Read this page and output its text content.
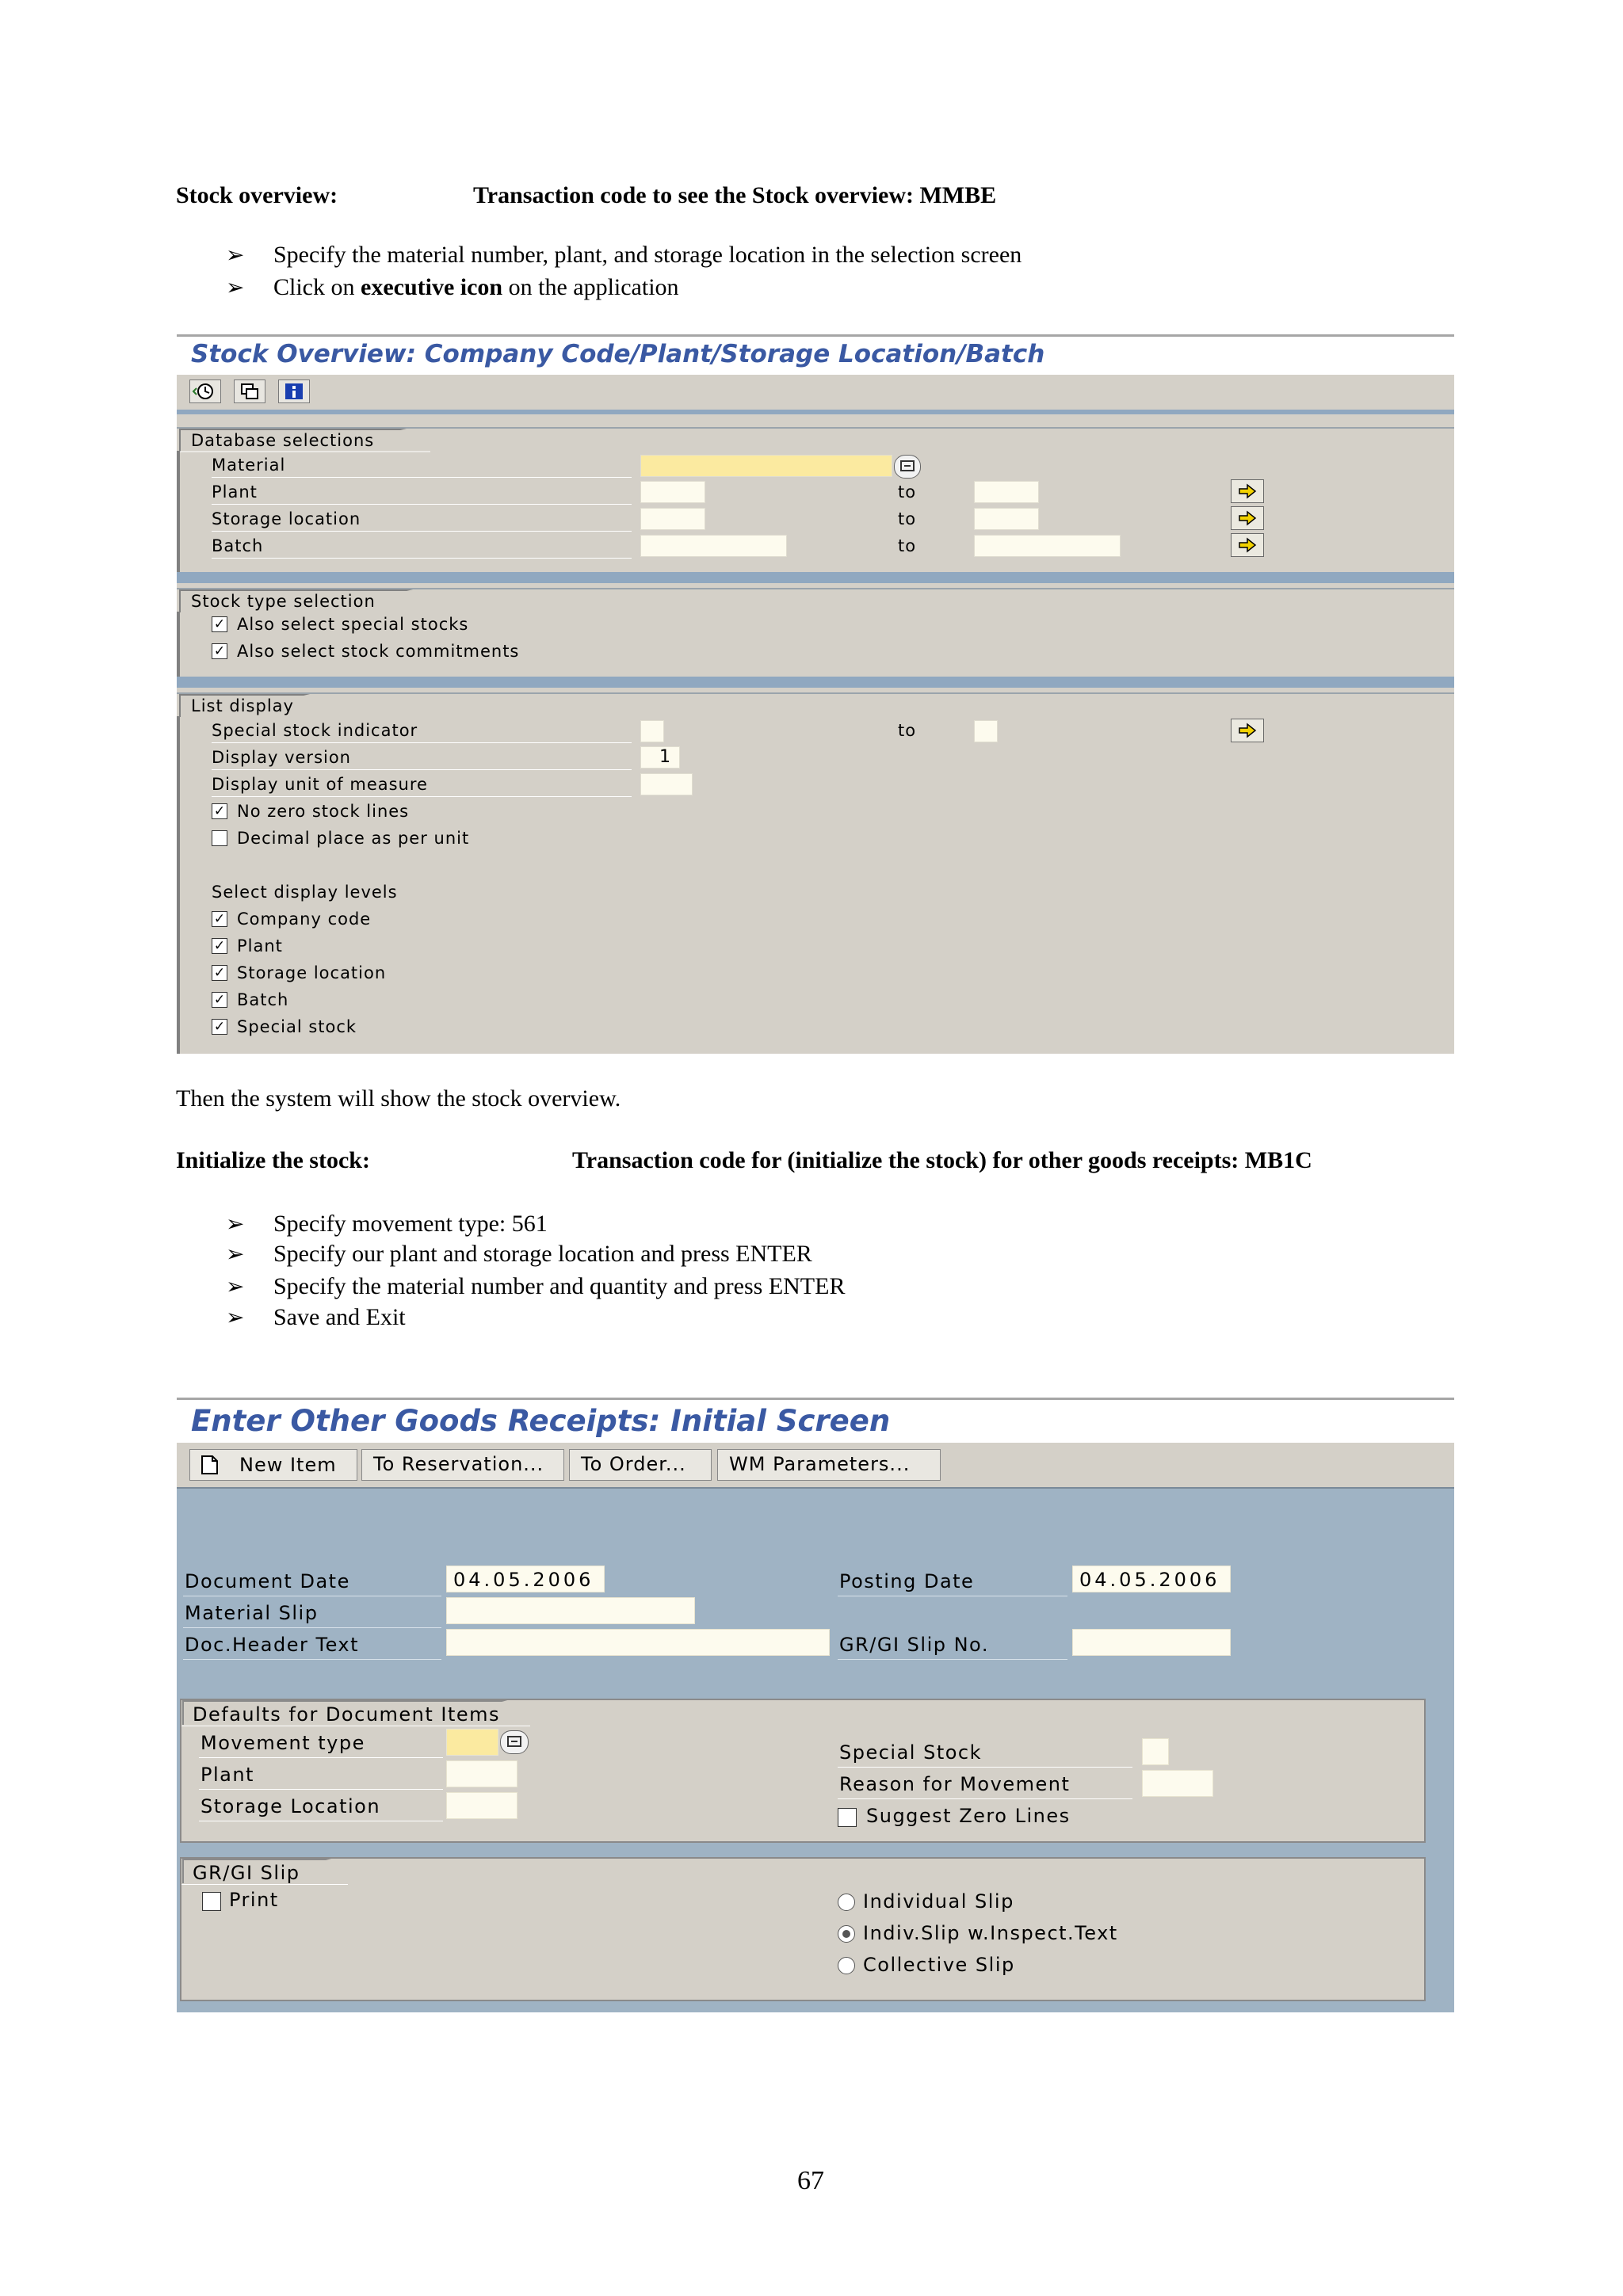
Stock overview:	Transaction code to see the Stock overview: MMBE
➢ Specify the material number, plant, and storage location in the selection screen
➢ Click on executive icon on the application
Stock Overview: Company Code/Plant/Storage Location/Batch
Database selections
Material
Plant	to
Storage location	to
Batch	to
Stock type selection
✓ Also select special stocks
✓ Also select stock commitments
List display
Special stock indicator	to
Display version	1
Display unit of measure
✓ No zero stock lines
Decimal place as per unit
Select display levels
✓ Company code
✓ Plant
✓ Storage location
✓ Batch
✓ Special stock
Then the system will show the stock overview.
Initialize the stock:	Transaction code for (initialize the stock) for other goods receipts: MB1C
➢ Specify movement type: 561
➢ Specify our plant and storage location and press ENTER
➢ Specify the material number and quantity and press ENTER
➢ Save and Exit
Enter Other Goods Receipts: Initial Screen
New Item	To Reservation...	To Order...	WM Parameters...
Document Date	04.05.2006	Posting Date	04.05.2006
Material Slip
Doc.Header Text	GR/GI Slip No.
Defaults for Document Items
Movement type
Plant
Storage Location
Special Stock
Reason for Movement
Suggest Zero Lines
GR/GI Slip
Print	Individual Slip
Indiv.Slip w.Inspect.Text
Collective Slip
67
